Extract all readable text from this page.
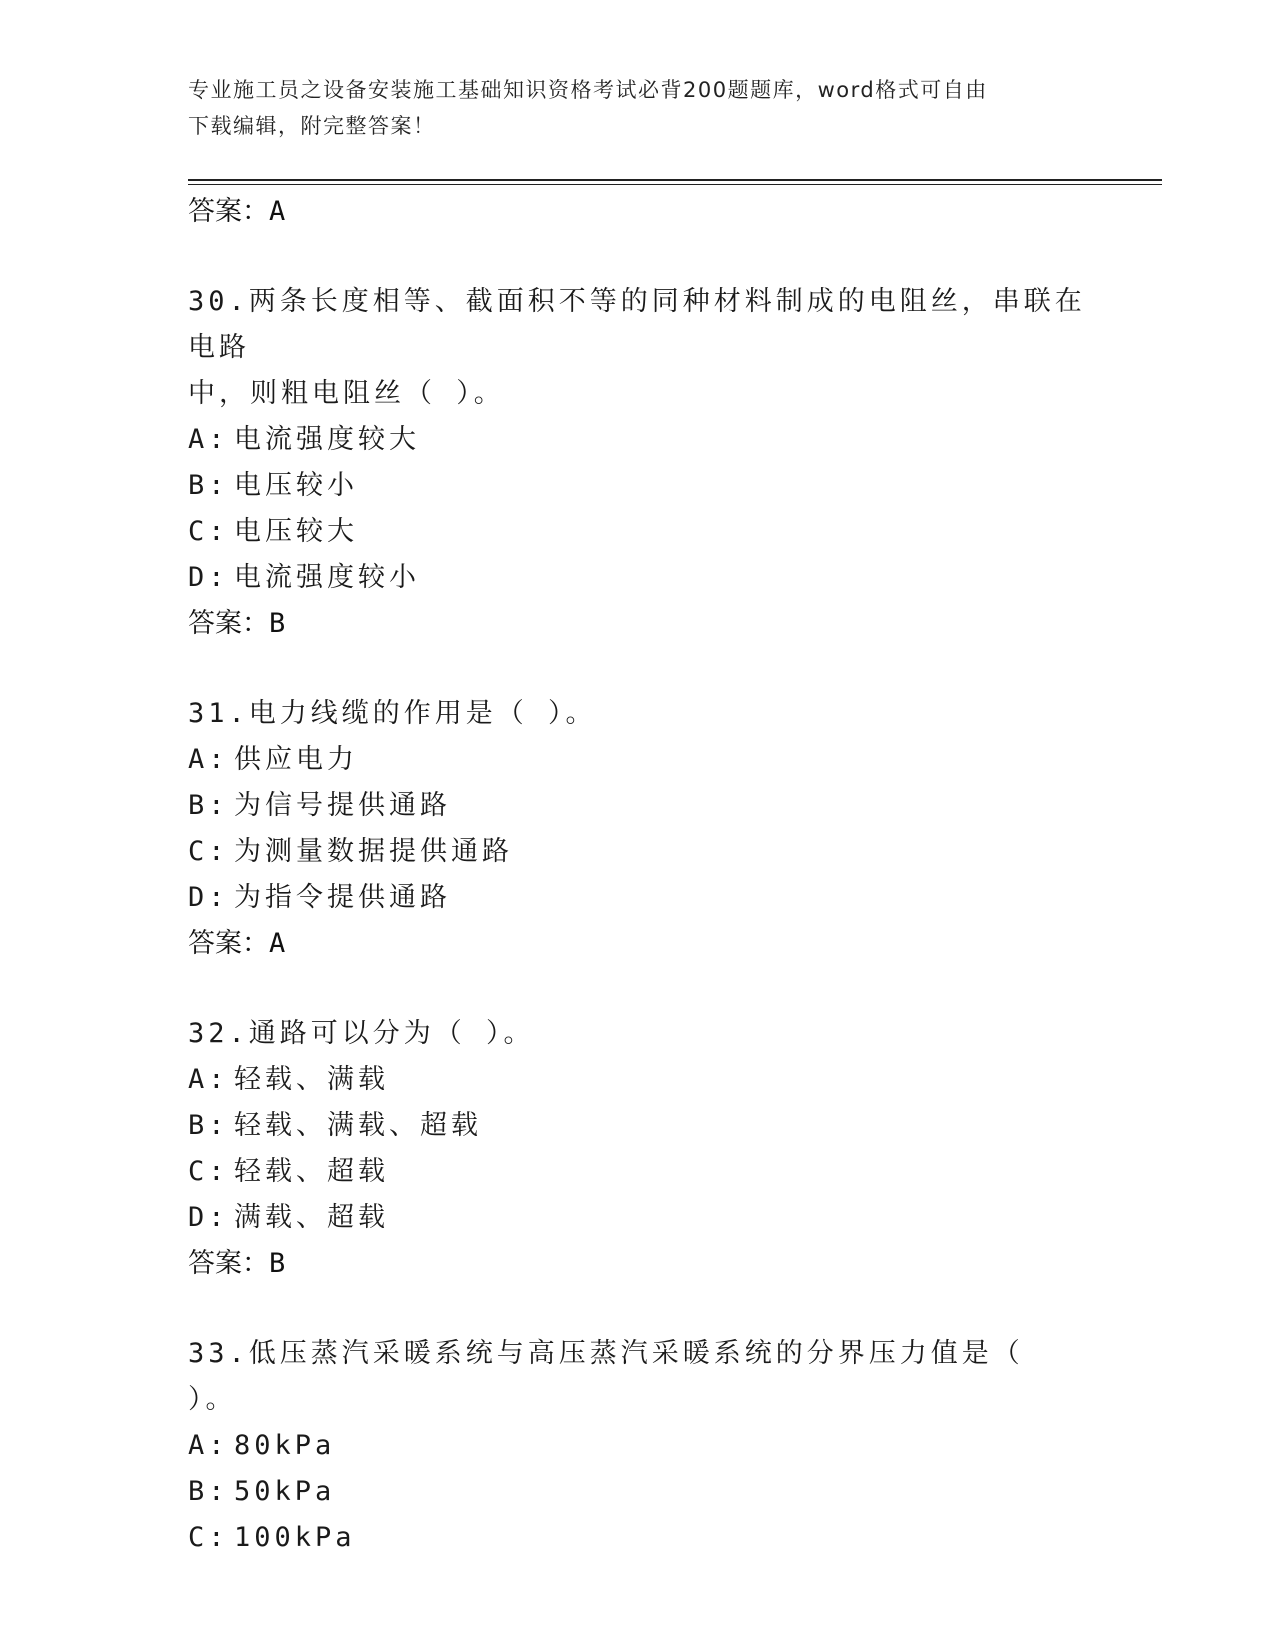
专业施工员之设备安装施工基础知识资格考试必背200题题库，word格式可自由
下载编辑，附完整答案！

答案：A

30.两条长度相等、截面积不等的同种材料制成的电阻丝，串联在电路

中，则粗电阻丝（ ）。

A: 电流强度较大

B: 电压较小

C: 电压较大

D: 电流强度较小

答案：B

31.电力线缆的作用是（ ）。

A: 供应电力

B: 为信号提供通路

C: 为测量数据提供通路

D: 为指令提供通路

答案：A

32.通路可以分为（ ）。

A: 轻载、满载

B: 轻载、满载、超载

C: 轻载、超载

D: 满载、超载

答案：B

33.低压蒸汽采暖系统与高压蒸汽采暖系统的分界压力值是（ ）。

A: 80kPa

B: 50kPa

C: 100kPa
